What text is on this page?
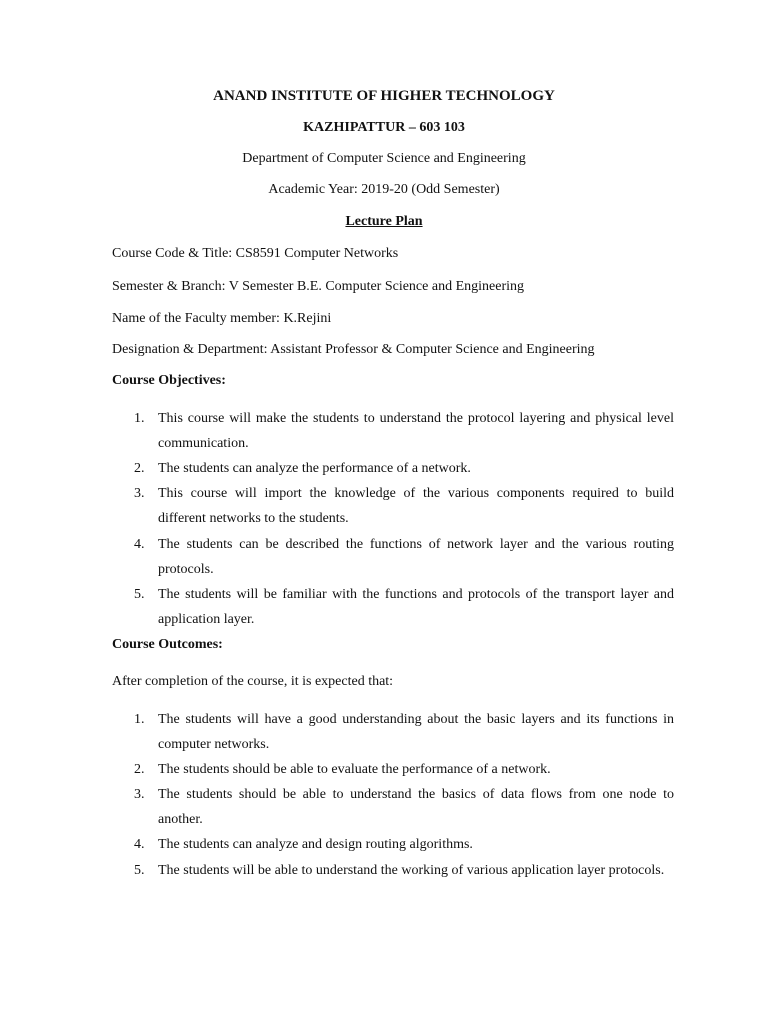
ANAND INSTITUTE OF HIGHER TECHNOLOGY
KAZHIPATTUR – 603 103
Department of Computer Science and Engineering
Academic Year: 2019-20 (Odd Semester)
Lecture Plan
Course Code & Title: CS8591 Computer Networks
Semester & Branch: V Semester B.E. Computer Science and Engineering
Name of the Faculty member: K.Rejini
Designation & Department: Assistant Professor & Computer Science and Engineering
Course Objectives:
1. This course will make the students to understand the protocol layering and physical level communication.
2. The students can analyze the performance of a network.
3. This course will import the knowledge of the various components required to build different networks to the students.
4. The students can be described the functions of network layer and the various routing protocols.
5. The students will be familiar with the functions and protocols of the transport layer and application layer.
Course Outcomes:
After completion of the course, it is expected that:
1. The students will have a good understanding about the basic layers and its functions in computer networks.
2. The students should be able to evaluate the performance of a network.
3. The students should be able to understand the basics of data flows from one node to another.
4. The students can analyze and design routing algorithms.
5. The students will be able to understand the working of various application layer protocols.
